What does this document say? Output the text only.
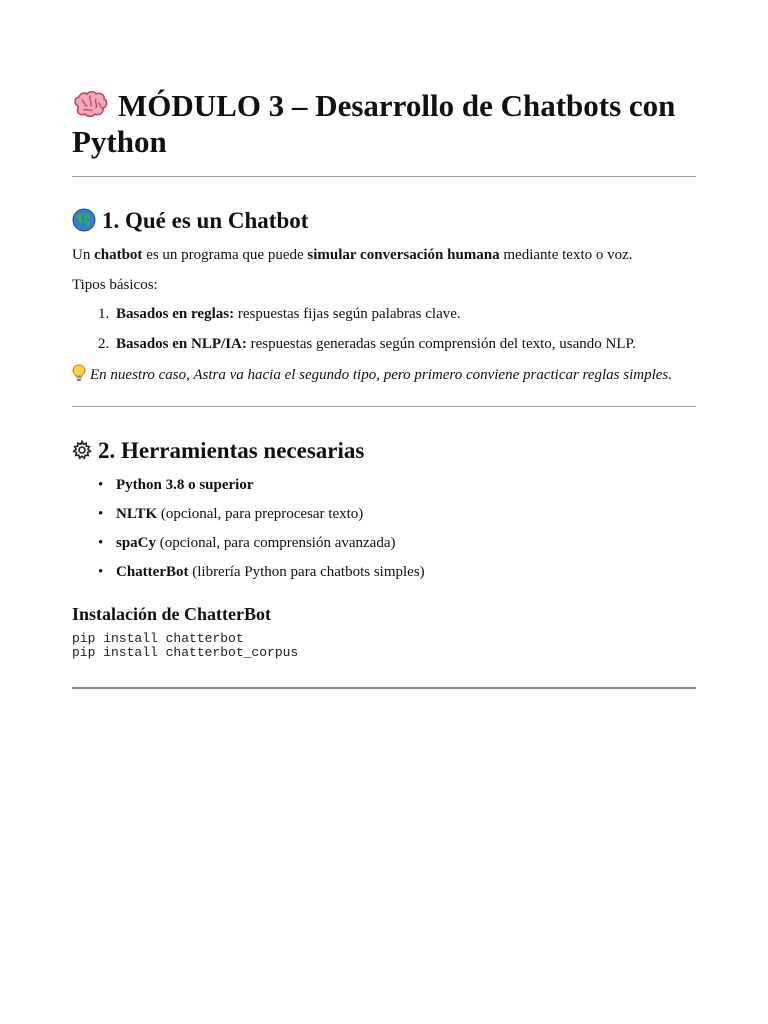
MÓDULO 3 – Desarrollo de Chatbots con Python
1. Qué es un Chatbot

Un chatbot es un programa que puede simular conversación humana mediante texto o voz.

Tipos básicos:

1. Basados en reglas: respuestas fijas según palabras clave.
2. Basados en NLP/IA: respuestas generadas según comprensión del texto, usando NLP.

En nuestro caso, Astra va hacia el segundo tipo, pero primero conviene practicar reglas simples.

2. Herramientas necesarias
• Python 3.8 o superior
• NLTK (opcional, para preprocesar texto)
• spaCy (opcional, para comprensión avanzada)
• ChatterBot (librería Python para chatbots simples)
Instalación de ChatterBot
pip install chatterbot
pip install chatterbot_corpus
